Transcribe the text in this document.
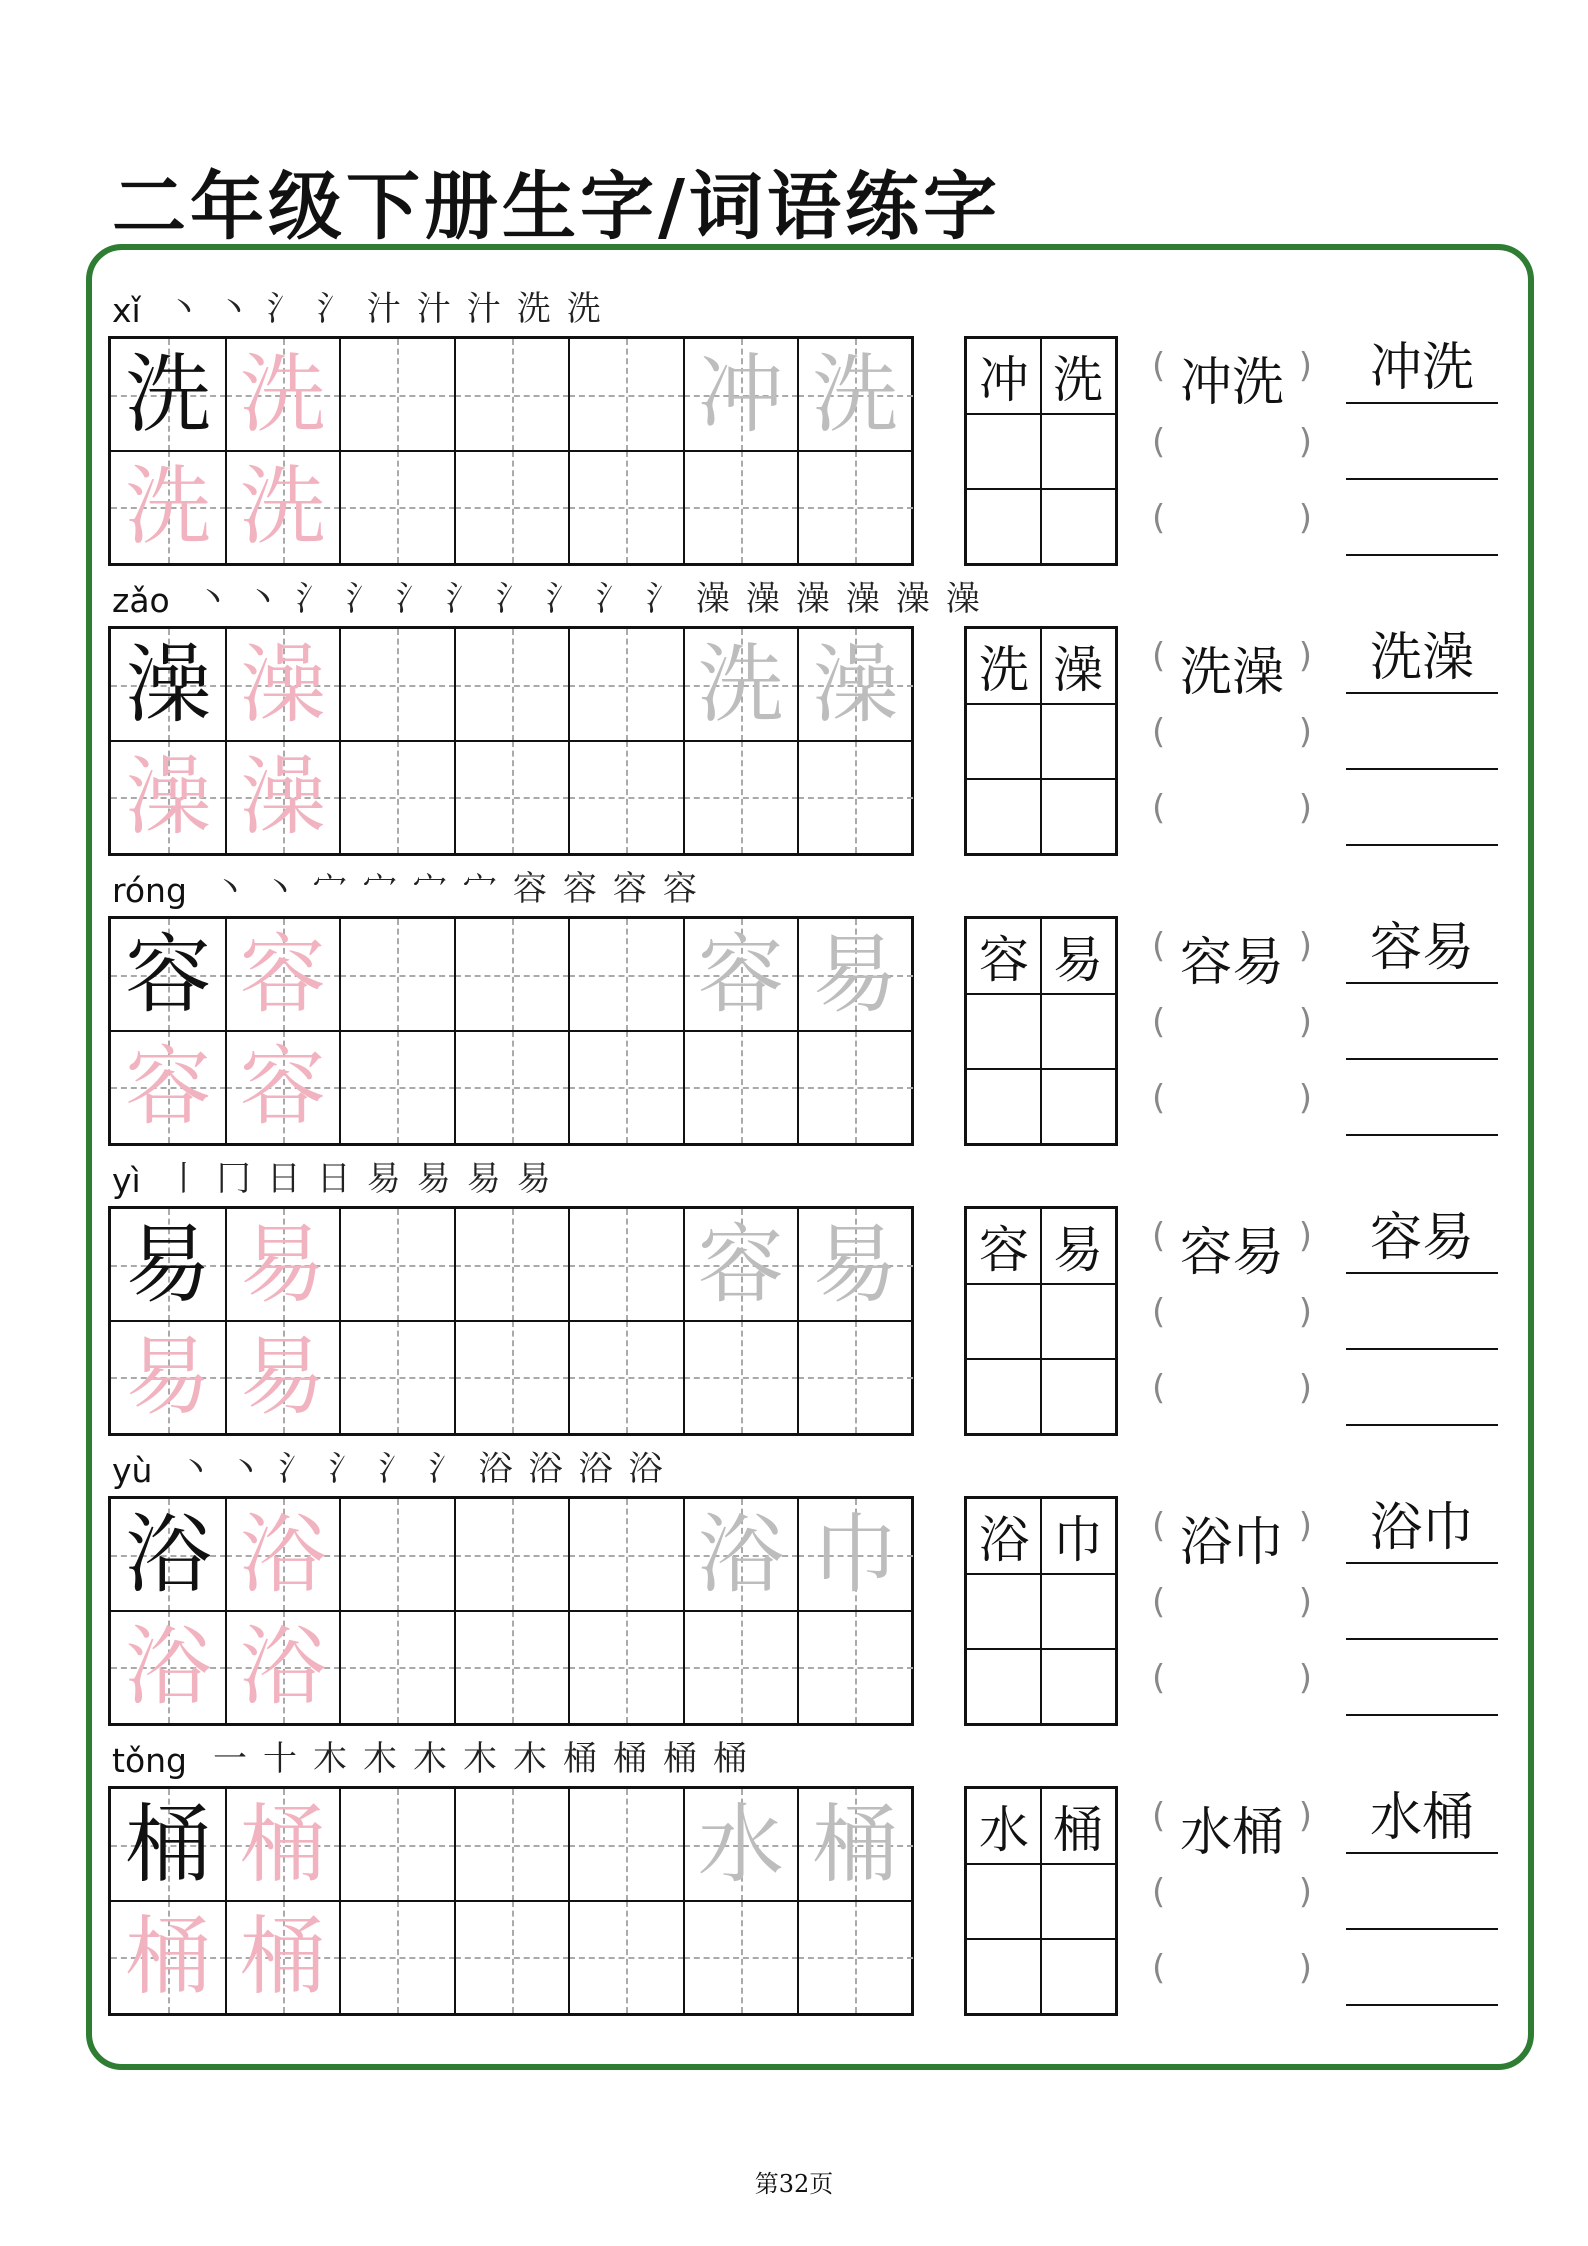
二年级下册生字/词语练字
xǐ 丶 丶 氵 氵 汁 汁 汁 洗 洗
洗 洗	冲 洗
洗 洗
冲 洗	(	)
冲洗
(	)
(	)
冲洗
zǎo 丶 丶 氵 氵 氵 氵 氵 氵 氵 氵 澡 澡 澡 澡 澡 澡
澡 澡	洗 澡
澡 澡
洗 澡	(	)
洗澡
(	)
(	)
洗澡
róng 丶 丶 宀 宀 宀 宀 容 容 容 容
容 容	容 易
容 容
容 易	(	)
容易
(	)
(	)
容易
yì 丨 冂 日 日 易 易 易 易
易 易	容 易
易 易
容 易	(	)
容易
(	)
(	)
容易
yù 丶 丶 氵 氵 氵 氵 浴 浴 浴 浴
浴 浴	浴 巾
浴 浴
浴 巾	(	)
浴巾
(	)
(	)
浴巾
tǒng 一 十 木 木 木 木 木 桶 桶 桶 桶
桶 桶	水 桶
桶 桶
水 桶	(	)
水桶
(	)
(	)
水桶
第32页
